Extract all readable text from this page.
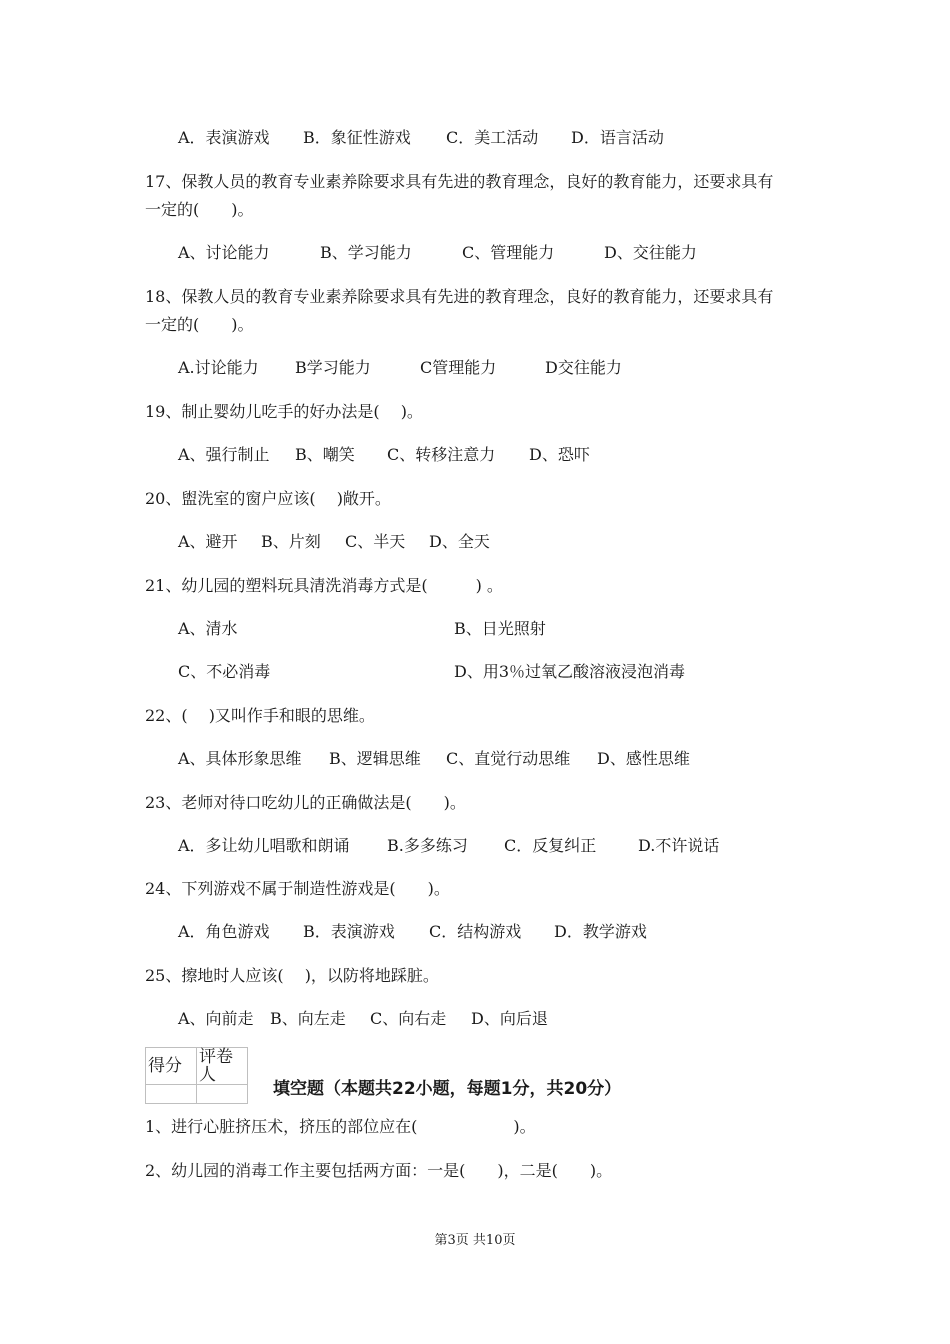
A．表演游戏 B．象征性游戏 C．美工活动 D．语言活动
17、保教人员的教育专业素养除要求具有先进的教育理念，良好的教育能力，还要求具有
一定的(　　)。
A、讨论能力	B、学习能力	C、管理能力	D、交往能力
18、保教人员的教育专业素养除要求具有先进的教育理念，良好的教育能力，还要求具有
一定的(　　)。
A.讨论能力 B学习能力	C管理能力	D交往能力
19、制止婴幼儿吃手的好办法是(　 )。
A、强行制止 B、嘲笑 C、转移注意力 D、恐吓
20、盥洗室的窗户应该(　 )敞开。
A、避开 B、片刻 C、半天 D、全天
21、幼儿园的塑料玩具清洗消毒方式是(　　　) 。
A、清水	B、日光照射
C、不必消毒	D、用3％过氧乙酸溶液浸泡消毒
22、(　 )又叫作手和眼的思维。
A、具体形象思维 B、逻辑思维 C、直觉行动思维 D、感性思维
23、老师对待口吃幼儿的正确做法是(　　)。
A．多让幼儿唱歌和朗诵 B.多多练习 C．反复纠正	D.不许说话
24、下列游戏不属于制造性游戏是(　　)。
A．角色游戏 B．表演游戏 C．结构游戏 D．教学游戏
25、擦地时人应该(　 )，以防将地踩脏。
A、向前走 B、向左走 C、向右走 D、向后退
得分	评卷人

填空题（本题共22小题，每题1分，共20分）
1、进行心脏挤压术，挤压的部位应在(　　　　　　)。
2、幼儿园的消毒工作主要包括两方面：一是(　　)，二是(　　)。
第3页 共10页
